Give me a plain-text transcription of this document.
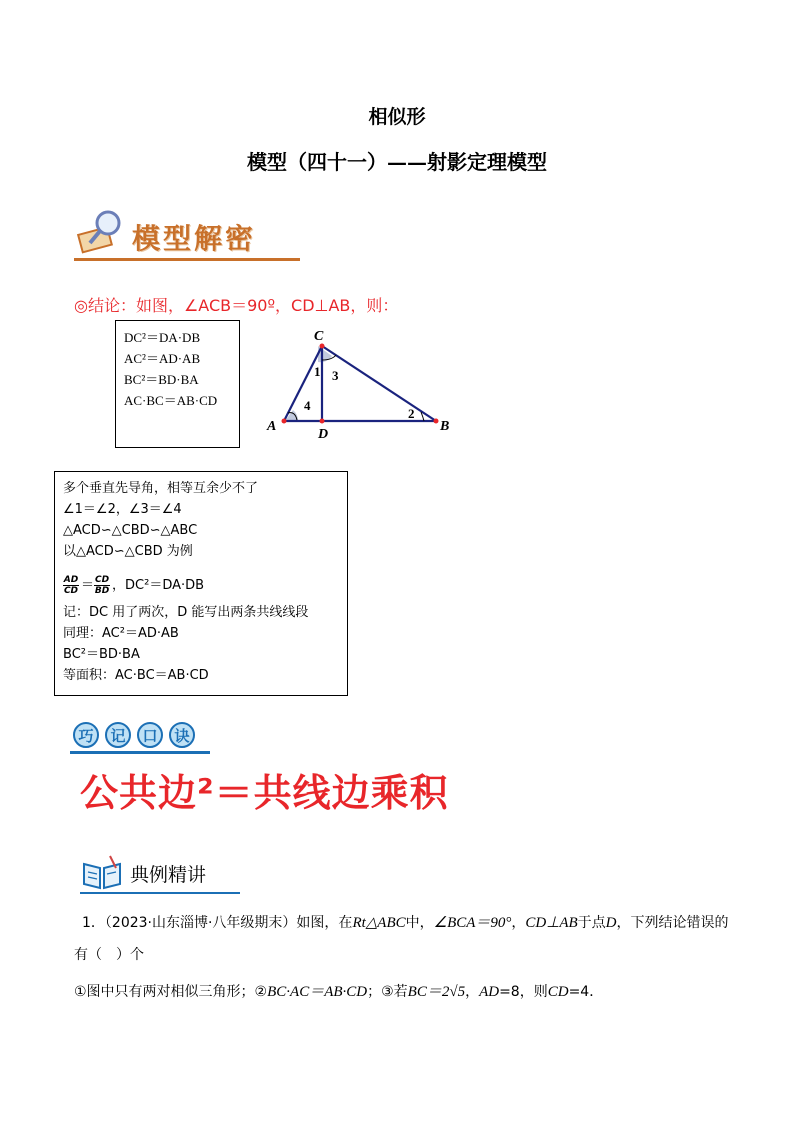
相似形
模型（四十一）——射影定理模型
模型解密
◎结论：如图，∠ACB＝90º，CD⊥AB，则：
DC²＝DA·DB
AC²＝AD·AB
BC²＝BD·BA
AC·BC＝AB·CD
C
A
D
B
1 3
4
2
多个垂直先导角，相等互余少不了
∠1＝∠2，∠3＝∠4
△ACD∽△CBD∽△ABC
以△ACD∽△CBD 为例
$\frac{AD}{CD} = \frac{CD}{BD}$ ，DC²＝DA·DB
记：DC 用了两次，D 能写出两条共线线段
同理：AC²＝AD·AB
BC²＝BD·BA
等面积：AC·BC＝AB·CD
巧	记	口	诀
公共边²＝共线边乘积
典例精讲
1．（2023·山东淄博·八年级期末）如图，在Rt△ABC中，∠BCA＝90°，CD⊥AB于点D，下列结论错误的
有（　）个
①图中只有两对相似三角形；②BC·AC＝AB·CD；③若BC＝2√5，AD=8，则CD=4．
